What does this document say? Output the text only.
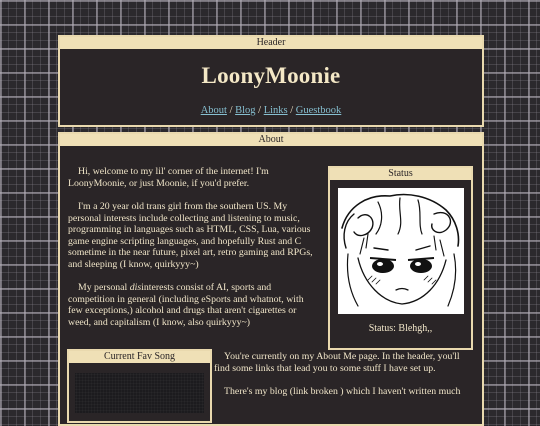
Header
LoonyMoonie
About / Blog / Links / Guestbook
About

Hi, welcome to my lil' corner of the internet! I'm LoonyMoonie, or just Moonie, if you'd prefer.

I'm a 20 year old trans girl from the southern US. My personal interests include collecting and listening to music, programming in languages such as HTML, CSS, Lua, various game engine scripting languages, and hopefully Rust and C sometime in the near future, pixel art, retro gaming and RPGs, and sleeping (I know, quirkyyy~)

My personal disinterests consist of AI, sports and competition in general (including eSports and whatnot, with few exceptions,) alcohol and drugs that aren't cigarettes or weed, and capitalism (I know, also quirkyyy~)

Status
Status: Blehgh,,
Current Fav Song	You're currently on my About Me page. In the header, you'll find some links that lead you to some stuff I have set up.

There's my blog (link broken ) which I haven't written much
